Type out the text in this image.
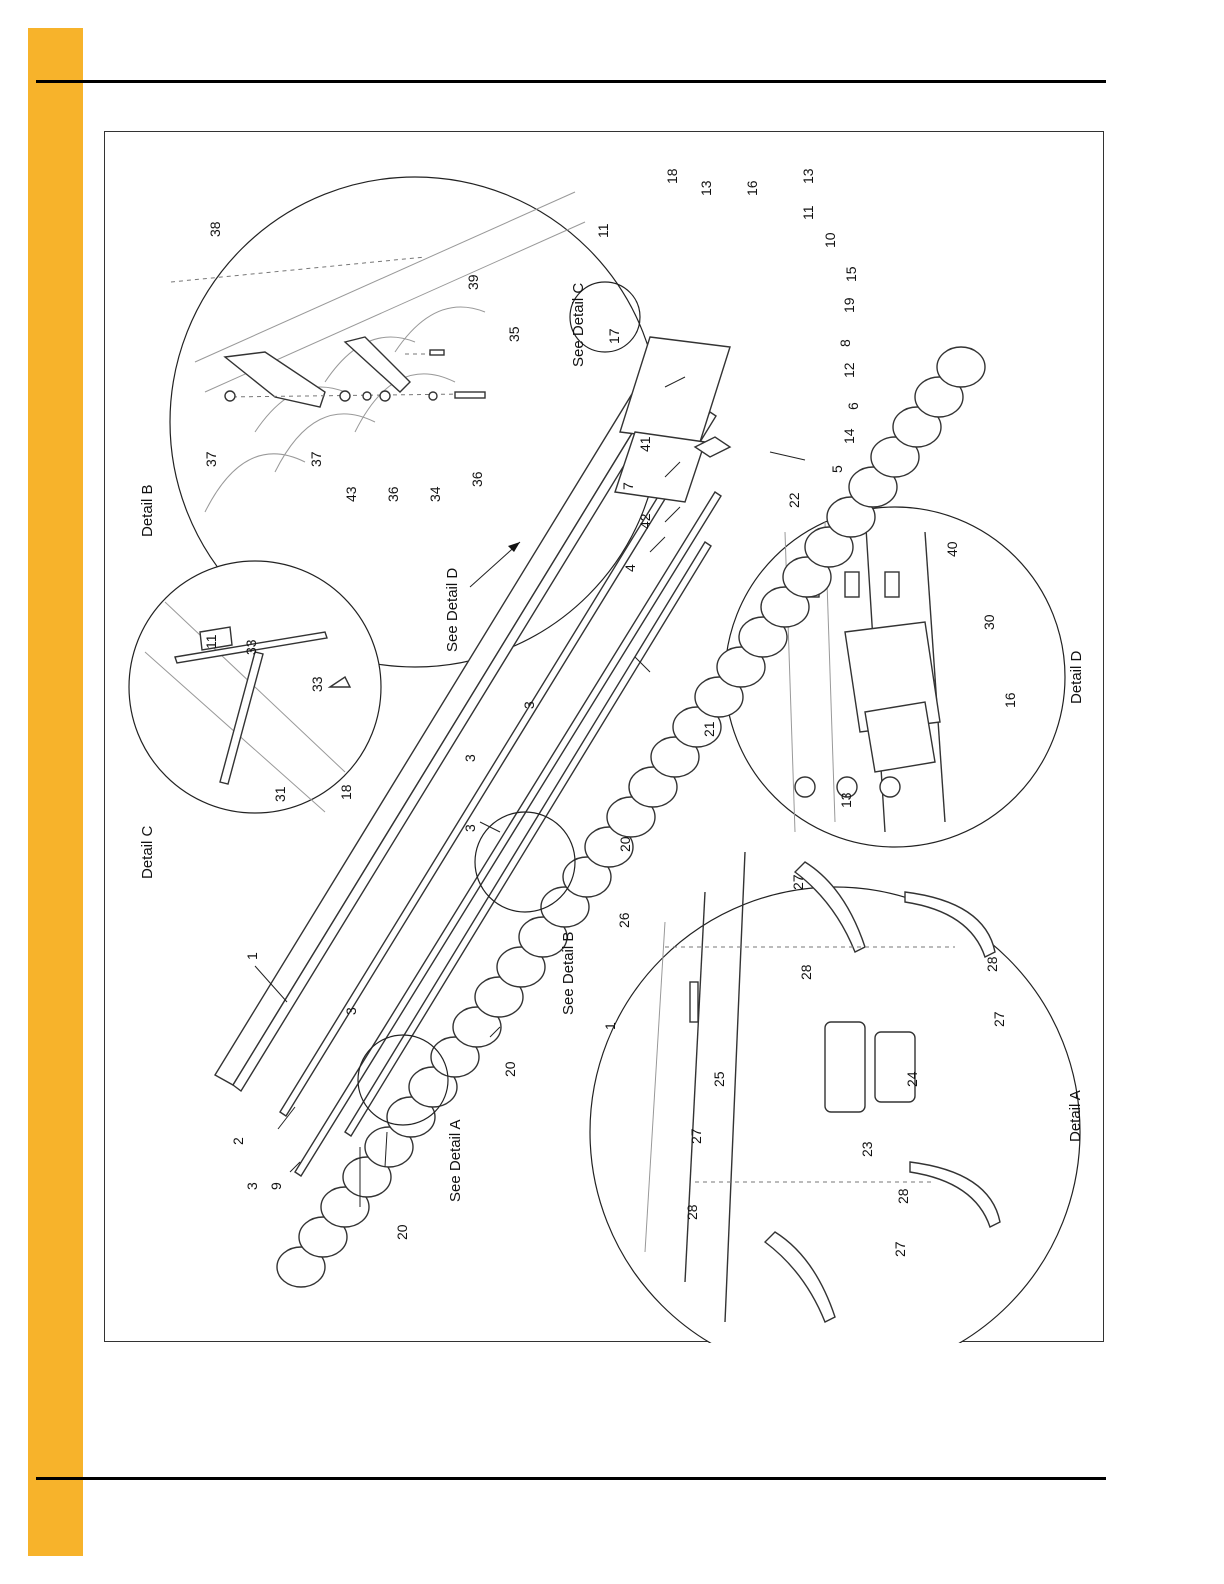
Detail B
Detail C
Detail D
Detail A
See Detail A
See Detail B
See Detail C
See Detail D
1
2
3
3
3
3
3
4
5
6
7
8
9
10
11
11
12
13
13
14
15
16
17
18
19
20
20
20
21
22
41
42
38
39
35
37	37
43 36 34
36
11 33
33
31	18
40
30
16
13
1
26
25	24
23
27
27
27
27
28
28
28
28
